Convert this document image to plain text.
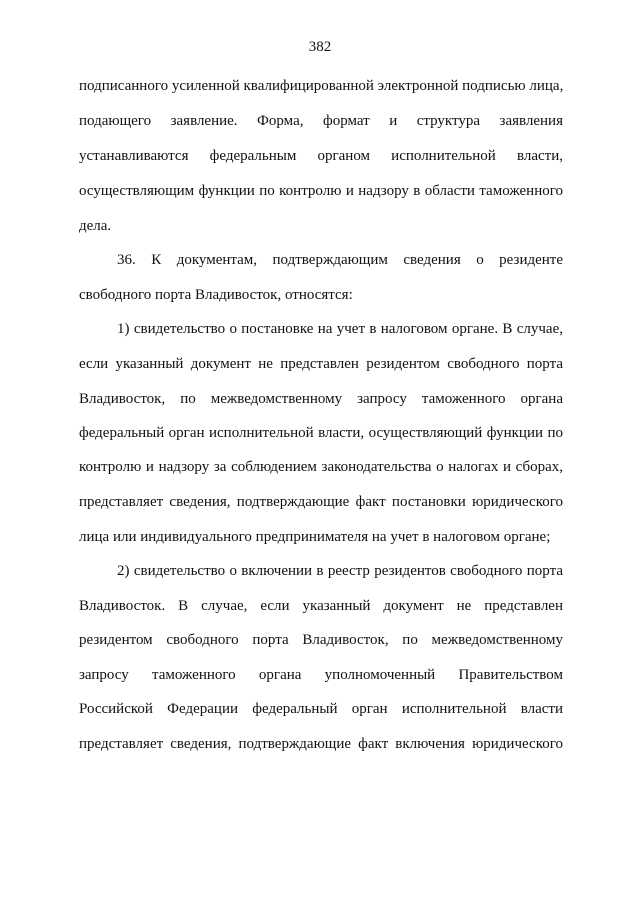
382
подписанного усиленной квалифицированной электронной подписью лица,
подающего заявление. Форма, формат и структура заявления
устанавливаются федеральным органом исполнительной власти,
осуществляющим функции по контролю и надзору в области таможенного
дела.
36. К документам, подтверждающим сведения о резиденте
свободного порта Владивосток, относятся:
1) свидетельство о постановке на учет в налоговом органе. В случае,
если указанный документ не представлен резидентом свободного порта
Владивосток, по межведомственному запросу таможенного органа
федеральный орган исполнительной власти, осуществляющий функции по
контролю и надзору за соблюдением законодательства о налогах и сборах,
представляет сведения, подтверждающие факт постановки юридического
лица или индивидуального предпринимателя на учет в налоговом органе;
2) свидетельство о включении в реестр резидентов свободного порта
Владивосток. В случае, если указанный документ не представлен
резидентом свободного порта Владивосток, по межведомственному
запросу таможенного органа уполномоченный Правительством
Российской Федерации федеральный орган исполнительной власти
представляет сведения, подтверждающие факт включения юридического
